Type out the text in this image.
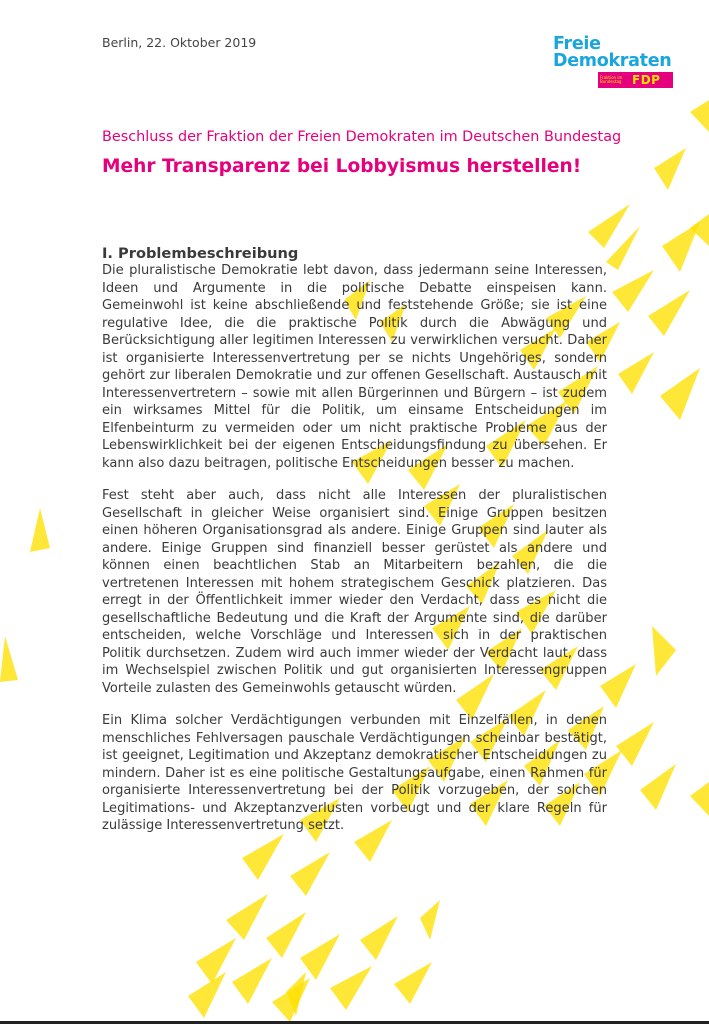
Berlin, 22. Oktober 2019	Freie
Demokraten
Fraktion im Bundestag FDP
Beschluss der Fraktion der Freien Demokraten im Deutschen Bundestag
Mehr Transparenz bei Lobbyismus herstellen!
I. Problembeschreibung

Die pluralistische Demokratie lebt davon, dass jedermann seine Interessen, Ideen und Argumente in die politische Debatte einspeisen kann. Gemeinwohl ist keine abschließende und feststehende Größe; sie ist eine regulative Idee, die die praktische Politik durch die Abwägung und Berücksichtigung aller legitimen Interessen zu verwirklichen versucht. Daher ist organisierte Interessenvertretung per se nichts Ungehöriges, sondern gehört zur liberalen Demokratie und zur offenen Gesellschaft. Austausch mit Interessenvertretern – sowie mit allen Bürgerinnen und Bürgern – ist zudem ein wirksames Mittel für die Politik, um einsame Entscheidungen im Elfenbeinturm zu vermeiden oder um nicht praktische Probleme aus der Lebenswirklichkeit bei der eigenen Entscheidungsfindung zu übersehen. Er kann also dazu beitragen, politische Entscheidungen besser zu machen.

Fest steht aber auch, dass nicht alle Interessen der pluralistischen Gesellschaft in gleicher Weise organisiert sind. Einige Gruppen besitzen einen höheren Organisationsgrad als andere. Einige Gruppen sind lauter als andere. Einige Gruppen sind finanziell besser gerüstet als andere und können einen beachtlichen Stab an Mitarbeitern bezahlen, die die vertretenen Interessen mit hohem strategischem Geschick platzieren. Das erregt in der Öffentlichkeit immer wieder den Verdacht, dass es nicht die gesellschaftliche Bedeutung und die Kraft der Argumente sind, die darüber entscheiden, welche Vorschläge und Interessen sich in der praktischen Politik durchsetzen. Zudem wird auch immer wieder der Verdacht laut, dass im Wechselspiel zwischen Politik und gut organisierten Interessengruppen Vorteile zulasten des Gemeinwohls getauscht würden.

Ein Klima solcher Verdächtigungen verbunden mit Einzelfällen, in denen menschliches Fehlversagen pauschale Verdächtigungen scheinbar bestätigt, ist geeignet, Legitimation und Akzeptanz demokratischer Entscheidungen zu mindern. Daher ist es eine politische Gestaltungsaufgabe, einen Rahmen für organisierte Interessenvertretung bei der Politik vorzugeben, der solchen Legitimations- und Akzeptanzverlusten vorbeugt und der klare Regeln für zulässige Interessenvertretung setzt.
